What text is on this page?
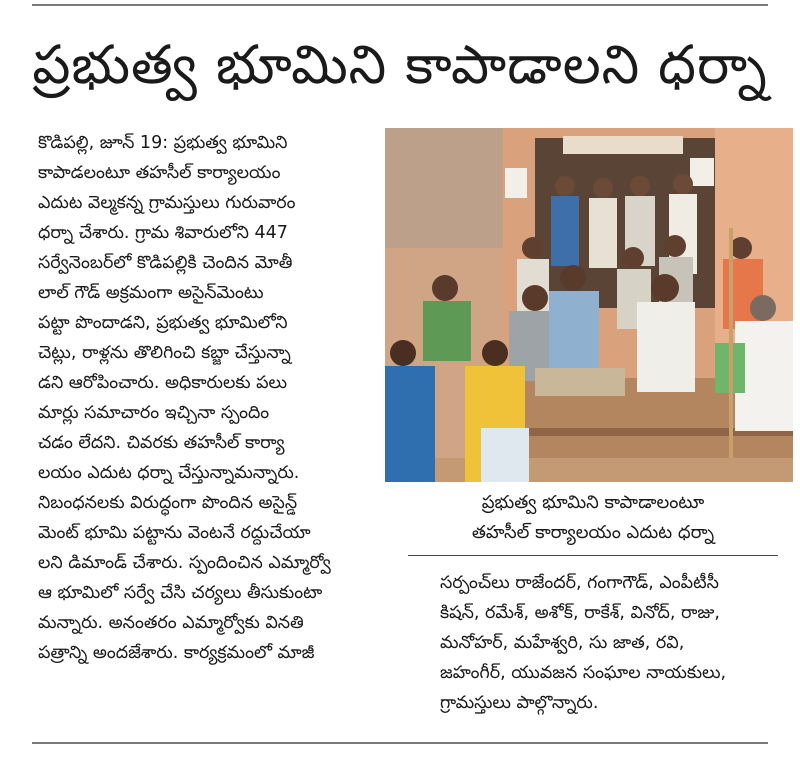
ప్రభుత్వ భూమిని కాపాడాలని ధర్నా
కొడిపల్లి, జూన్ 19: ప్రభుత్వ భూమిని
కాపాడలంటూ తహసీల్ కార్యాలయం
ఎదుట వెల్మకన్న గ్రామస్తులు గురువారం
ధర్నా చేశారు. గ్రామ శివారులోని 447
సర్వేనెంబర్‌లో కొడిపల్లికి చెందిన మోతీ
లాల్ గౌడ్ అక్రమంగా అసైన్‌మెంటు
పట్టా పొందాడని, ప్రభుత్వ భూమిలోని
చెట్లు, రాళ్లను తొలిగించి కబ్జా చేస్తున్నా
డని ఆరోపించారు. అధికారులకు పలు
మార్లు సమాచారం ఇచ్చినా స్పందిం
చడం లేదని. చివరకు తహసీల్ కార్యా
లయం ఎదుట ధర్నా చేస్తున్నామన్నారు.
నిబంధనలకు విరుద్ధంగా పొందిన అసైన్డ్
మెంట్ భూమి పట్టాను వెంటనే రద్దుచేయా
లని డిమాండ్ చేశారు. స్పందించిన ఎమ్మార్వో
ఆ భూమిలో సర్వే చేసి చర్యలు తీసుకుంటా
మన్నారు. అనంతరం ఎమ్మార్వోకు వినతి
పత్రాన్ని అందజేశారు. కార్యక్రమంలో మాజీ
ప్రభుత్వ భూమిని కాపాడాలంటూ
తహసీల్ కార్యాలయం ఎదుట ధర్నా
సర్పంచ్‌లు రాజేందర్, గంగాగౌడ్, ఎంపీటీసీ
కిషన్, రమేశ్, అశోక్, రాకేశ్, వినోద్, రాజు,
మనోహర్, మహేశ్వరి, సు జాత, రవి,
జహంగీర్, యువజన సంఘాల నాయకులు,
గ్రామస్తులు పాల్గొన్నారు.
